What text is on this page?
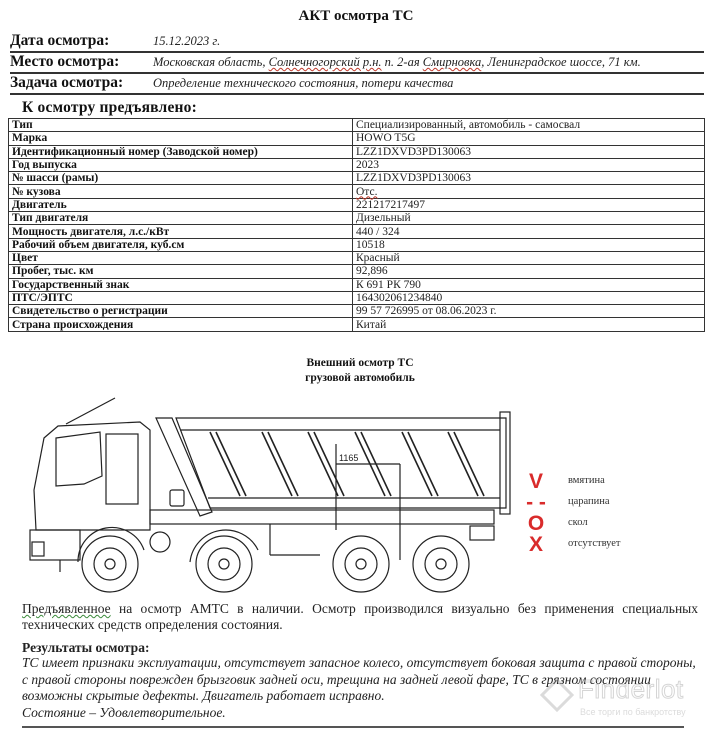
АКТ осмотра ТС
Дата осмотра:	15.12.2023 г.
Место осмотра:	Московская область, Солнечногорский р.н. п. 2-ая Смирновка, Ленинградское шоссе, 71 км.
Задача осмотра: Определение технического состояния, потери качества
К осмотру предъявлено:
Тип	Специализированный, автомобиль - самосвал
Марка	HOWO T5G
Идентификационный номер (Заводской номер)	LZZ1DXVD3PD130063
Год выпуска	2023
№ шасси (рамы)	LZZ1DXVD3PD130063
№ кузова	Отс.
Двигатель	221217217497
Тип двигателя	Дизельный
Мощность двигателя, л.с./кВт	440 / 324
Рабочий объем двигателя, куб.см	10518
Цвет	Красный
Пробег, тыс. км	92,896
Государственный знак	К 691 РК 790
ПТС/ЭПТС	164302061234840
Свидетельство о регистрации	99 57 726995 от 08.06.2023 г.
Страна происхождения	Китай
Внешний осмотр ТС
грузовой автомобиль
1165
V	вмятина
- - царапина
O	скол
X	отсутствует
Предъявленное на осмотр АМТС в наличии. Осмотр производился визуально без применения специальных технических средств определения состояния.
Результаты осмотра:
ТС имеет признаки эксплуатации, отсутствует запасное колесо, отсутствует боковая защита с правой стороны, с правой стороны поврежден брызговик задней оси, трещина на задней левой фаре, ТС в грязном состоянии возможны скрытые дефекты. Двигатель работает исправно.
Состояние – Удовлетворительное.
Finderlot
Все торги по банкротству
